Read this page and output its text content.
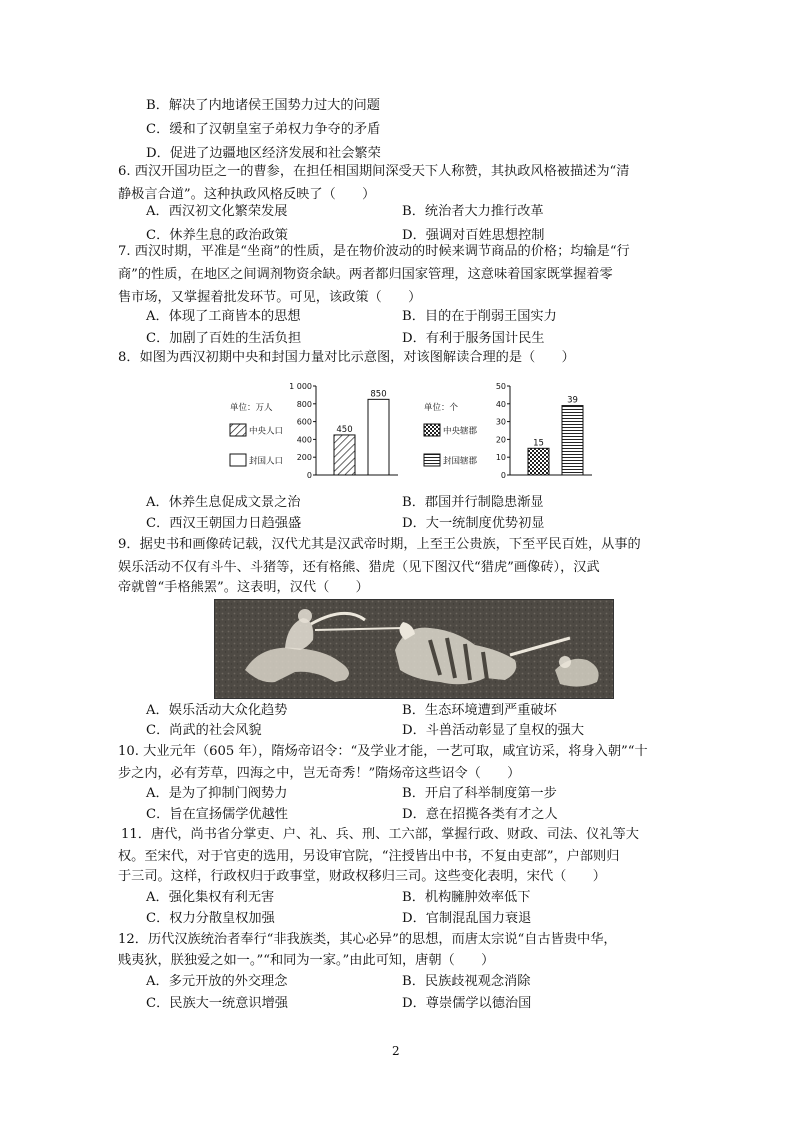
B．解决了内地诸侯王国势力过大的问题
C．缓和了汉朝皇室子弟权力争夺的矛盾
D．促进了边疆地区经济发展和社会繁荣
6. 西汉开国功臣之一的曹参，在担任相国期间深受天下人称赞，其执政风格被描述为“清
静极言合道”。这种执政风格反映了（　　）
A．西汉初文化繁荣发展	B．统治者大力推行改革
C．休养生息的政治政策	D．强调对百姓思想控制
7. 西汉时期，平准是“坐商”的性质，是在物价波动的时候来调节商品的价格；均输是“行
商”的性质，在地区之间调剂物资余缺。两者都归国家管理，这意味着国家既掌握着零
售市场，又掌握着批发环节。可见，该政策（　　）
A．体现了工商皆本的思想	B．目的在于削弱王国实力
C．加剧了百姓的生活负担	D．有利于服务国计民生
8．如图为西汉初期中央和封国力量对比示意图，对该图解读合理的是（　　）
单位：万人
中央人口
封国人口
0
200
400
600
800
1 000
450
850
单位：个
中央辖郡
封国辖郡
0
10
20
30
40
50
15
39
A．休养生息促成文景之治	B．郡国并行制隐患渐显
C．西汉王朝国力日趋强盛	D．大一统制度优势初显
9．据史书和画像砖记载，汉代尤其是汉武帝时期，上至王公贵族，下至平民百姓，从事的
娱乐活动不仅有斗牛、斗猪等，还有格熊、猎虎（见下图汉代“猎虎”画像砖），汉武
帝就曾“手格熊罴”。这表明，汉代（　　）
A．娱乐活动大众化趋势	B．生态环境遭到严重破坏
C．尚武的社会风貌	D．斗兽活动彰显了皇权的强大
10. 大业元年（605 年），隋炀帝诏令：“及学业才能，一艺可取，咸宜访采，将身入朝”“十
步之内，必有芳草，四海之中，岂无奇秀！”隋炀帝这些诏令（　　）
A．是为了抑制门阀势力	B．开启了科举制度第一步
C．旨在宣扬儒学优越性	D．意在招揽各类有才之人
11．唐代，尚书省分掌吏、户、礼、兵、刑、工六部，掌握行政、财政、司法、仪礼等大
权。至宋代，对于官吏的选用，另设审官院，“注授皆出中书，不复由吏部”，户部则归
于三司。这样，行政权归于政事堂，财政权移归三司。这些变化表明，宋代（　　）
A．强化集权有利无害	B．机构臃肿效率低下
C．权力分散皇权加强	D．官制混乱国力衰退
12．历代汉族统治者奉行“非我族类，其心必异”的思想，而唐太宗说“自古皆贵中华，
贱夷狄，朕独爱之如一。”“和同为一家。”由此可知，唐朝（　　）
A．多元开放的外交理念	B．民族歧视观念消除
C．民族大一统意识增强	D．尊崇儒学以德治国
2
